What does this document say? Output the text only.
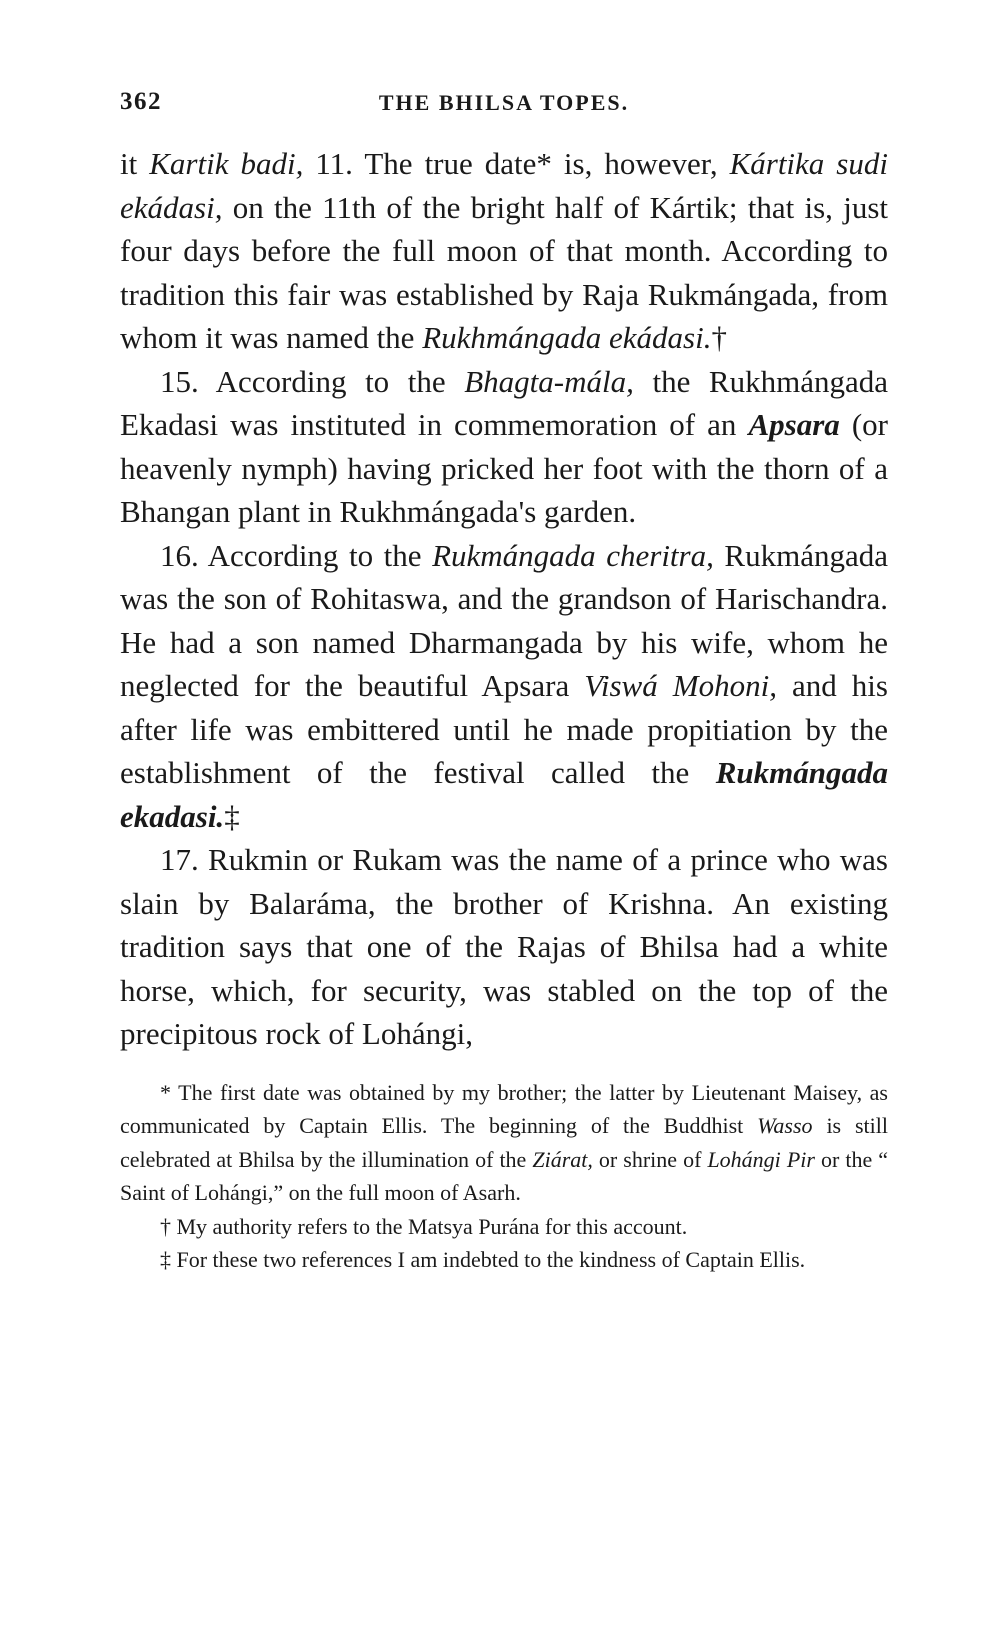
362	THE BHILSA TOPES.

it Kartik badi, 11. The true date* is, however, Kártika sudi ekádasi, on the 11th of the bright half of Kártik; that is, just four days before the full moon of that month. According to tradition this fair was established by Raja Rukmángada, from whom it was named the Rukhmángada ekádasi.†

15. According to the Bhagta-mála, the Rukhmángada Ekadasi was instituted in commemoration of an Apsara (or heavenly nymph) having pricked her foot with the thorn of a Bhangan plant in Rukhmángada's garden.

16. According to the Rukmángada cheritra, Rukmángada was the son of Rohitaswa, and the grandson of Harischandra. He had a son named Dharmangada by his wife, whom he neglected for the beautiful Apsara Viswá Mohoni, and his after life was embittered until he made propitiation by the establishment of the festival called the Rukmángada ekadasi.‡

17. Rukmin or Rukam was the name of a prince who was slain by Balaráma, the brother of Krishna. An existing tradition says that one of the Rajas of Bhilsa had a white horse, which, for security, was stabled on the top of the precipitous rock of Lohángi,

* The first date was obtained by my brother; the latter by Lieutenant Maisey, as communicated by Captain Ellis. The beginning of the Buddhist Wasso is still celebrated at Bhilsa by the illumination of the Ziárat, or shrine of Lohángi Pir or the “ Saint of Lohángi,” on the full moon of Asarh.

† My authority refers to the Matsya Purána for this account.

‡ For these two references I am indebted to the kindness of Captain Ellis.
